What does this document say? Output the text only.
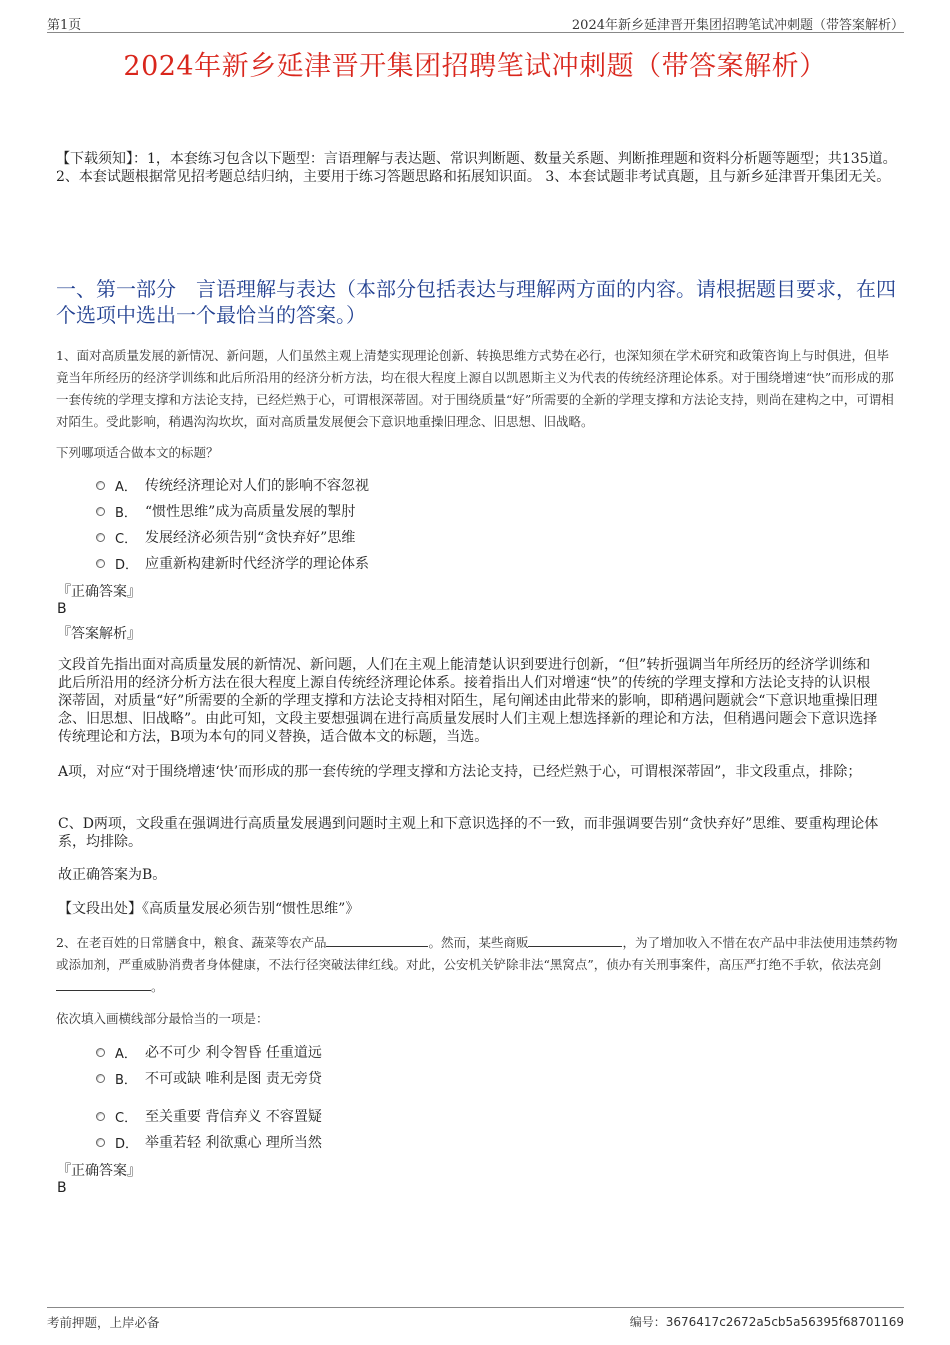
第1页	2024年新乡延津晋开集团招聘笔试冲刺题（带答案解析）
2024年新乡延津晋开集团招聘笔试冲刺题（带答案解析）
【下载须知】：1，本套练习包含以下题型：言语理解与表达题、常识判断题、数量关系题、判断推理题和资料分析题等题型；共135道。 2、本套试题根据常见招考题总结归纳，主要用于练习答题思路和拓展知识面。 3、本套试题非考试真题，且与新乡延津晋开集团无关。
一、第一部分　言语理解与表达（本部分包括表达与理解两方面的内容。请根据题目要求，在四个选项中选出一个最恰当的答案。）
1、面对高质量发展的新情况、新问题，人们虽然主观上清楚实现理论创新、转换思维方式势在必行，也深知须在学术研究和政策咨询上与时俱进，但毕竟当年所经历的经济学训练和此后所沿用的经济分析方法，均在很大程度上源自以凯恩斯主义为代表的传统经济理论体系。对于围绕增速“快”而形成的那一套传统的学理支撑和方法论支持，已经烂熟于心，可谓根深蒂固。对于围绕质量“好”所需要的全新的学理支撑和方法论支持，则尚在建构之中，可谓相对陌生。受此影响，稍遇沟沟坎坎，面对高质量发展便会下意识地重操旧理念、旧思想、旧战略。
下列哪项适合做本文的标题？
A． 传统经济理论对人们的影响不容忽视
B． “惯性思维”成为高质量发展的掣肘
C． 发展经济必须告别“贪快弃好”思维
D． 应重新构建新时代经济学的理论体系
『正确答案』
B
『答案解析』
文段首先指出面对高质量发展的新情况、新问题，人们在主观上能清楚认识到要进行创新，“但”转折强调当年所经历的经济学训练和此后所沿用的经济分析方法在很大程度上源自传统经济理论体系。接着指出人们对增速“快”的传统的学理支撑和方法论支持的认识根深蒂固，对质量“好”所需要的全新的学理支撑和方法论支持相对陌生，尾句阐述由此带来的影响，即稍遇问题就会“下意识地重操旧理念、旧思想、旧战略”。由此可知，文段主要想强调在进行高质量发展时人们主观上想选择新的理论和方法，但稍遇问题会下意识选择传统理论和方法，B项为本句的同义替换，适合做本文的标题，当选。
A项，对应“对于围绕增速‘快’而形成的那一套传统的学理支撑和方法论支持，已经烂熟于心，可谓根深蒂固”，非文段重点，排除；
C、D两项，文段重在强调进行高质量发展遇到问题时主观上和下意识选择的不一致，而非强调要告别“贪快弃好”思维、要重构理论体系，均排除。
故正确答案为B。
【文段出处】《高质量发展必须告别“惯性思维”》
2、在老百姓的日常膳食中，粮食、蔬菜等农产品	。然而，某些商贩	，为了增加收入不惜在农产品中非法使用违禁药物或添加剂，严重威胁消费者身体健康，不法行径突破法律红线。对此，公安机关铲除非法“黑窝点”，侦办有关刑事案件，高压严打绝不手软，依法亮剑。
依次填入画横线部分最恰当的一项是：
A． 必不可少 利令智昏 任重道远
B． 不可或缺 唯利是图 责无旁贷
C． 至关重要 背信弃义 不容置疑
D． 举重若轻 利欲熏心 理所当然
『正确答案』
B
考前押题，上岸必备	编号：3676417c2672a5cb5a56395f68701169
